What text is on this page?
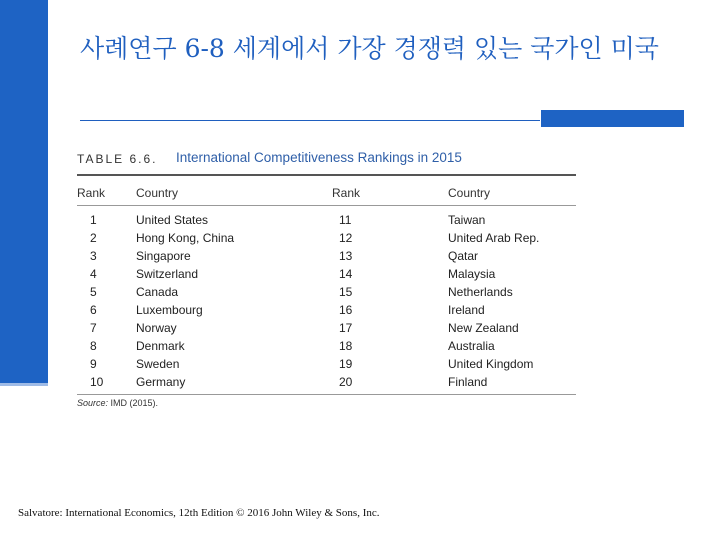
사례연구 6-8 세계에서 가장 경쟁력 있는 국가인 미국
TABLE 6.6. International Competitiveness Rankings in 2015
Rank	Country	Rank	Country
1	United States	11	Taiwan
2	Hong Kong, China	12	United Arab Rep.
3	Singapore	13	Qatar
4	Switzerland	14	Malaysia
5	Canada	15	Netherlands
6	Luxembourg	16	Ireland
7	Norway	17	New Zealand
8	Denmark	18	Australia
9	Sweden	19	United Kingdom
10	Germany	20	Finland
Source: IMD (2015).
Salvatore: International Economics, 12th Edition © 2016 John Wiley & Sons, Inc.
